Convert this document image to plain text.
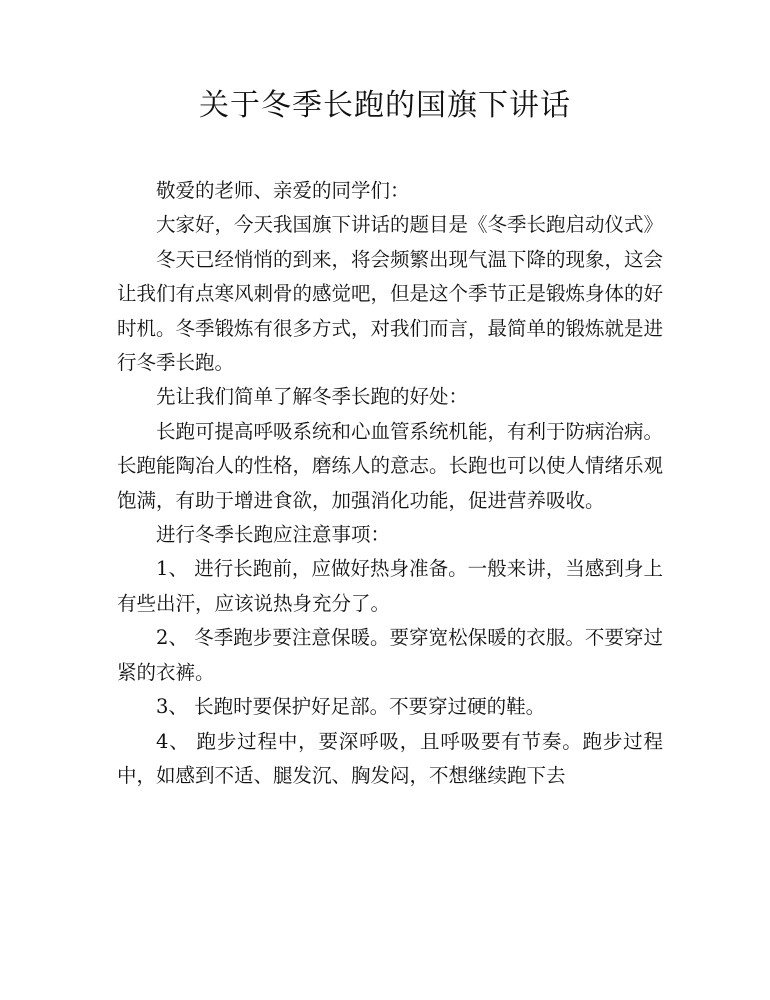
关于冬季长跑的国旗下讲话

敬爱的老师、亲爱的同学们：

大家好，今天我国旗下讲话的题目是《冬季长跑启动仪式》

冬天已经悄悄的到来，将会频繁出现气温下降的现象，这会让我们有点寒风刺骨的感觉吧，但是这个季节正是锻炼身体的好时机。冬季锻炼有很多方式，对我们而言，最简单的锻炼就是进行冬季长跑。

先让我们简单了解冬季长跑的好处：

长跑可提高呼吸系统和心血管系统机能，有利于防病治病。长跑能陶冶人的性格，磨练人的意志。长跑也可以使人情绪乐观饱满，有助于增进食欲，加强消化功能，促进营养吸收。

进行冬季长跑应注意事项：

1、 进行长跑前，应做好热身准备。一般来讲，当感到身上有些出汗，应该说热身充分了。

2、 冬季跑步要注意保暖。要穿宽松保暖的衣服。不要穿过紧的衣裤。

3、 长跑时要保护好足部。不要穿过硬的鞋。

4、 跑步过程中，要深呼吸，且呼吸要有节奏。跑步过程中，如感到不适、腿发沉、胸发闷，不想继续跑下去
